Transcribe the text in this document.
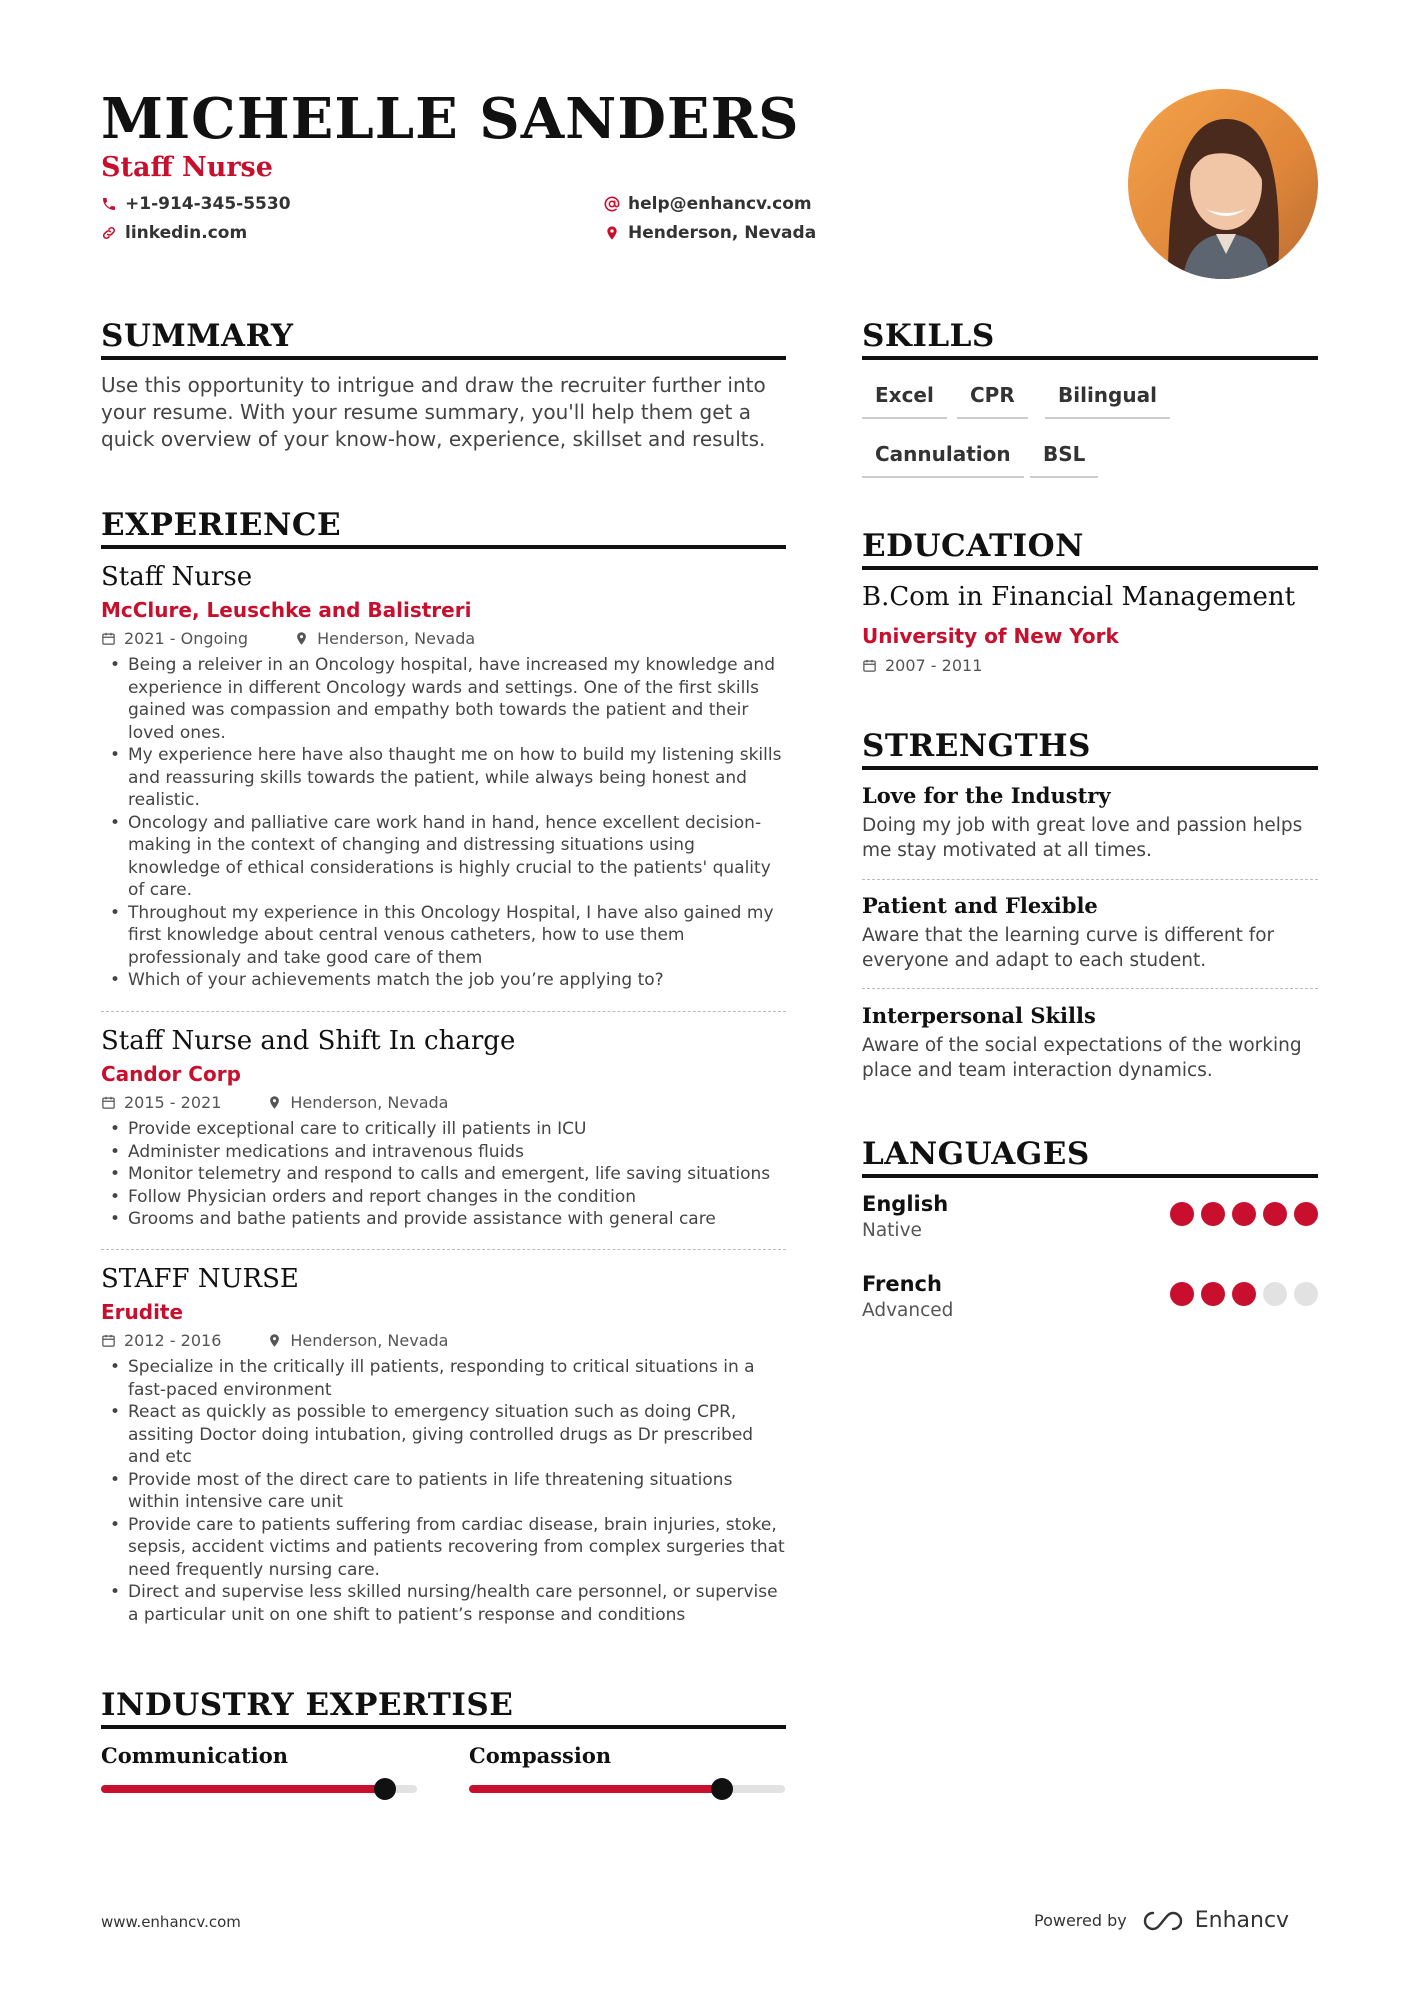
MICHELLE SANDERS
Staff Nurse
+1-914-345-5530
linkedin.com
help@enhancv.com
Henderson, Nevada
SUMMARY
Use this opportunity to intrigue and draw the recruiter further into your resume. With your resume summary, you'll help them get a quick overview of your know-how, experience, skillset and results.
EXPERIENCE
Staff Nurse
McClure, Leuschke and Balistreri
2021 - Ongoing	Henderson, Nevada
• Being a releiver in an Oncology hospital, have increased my knowledge and experience in different Oncology wards and settings. One of the first skills gained was compassion and empathy both towards the patient and their loved ones.
• My experience here have also thaught me on how to build my listening skills and reassuring skills towards the patient, while always being honest and realistic.
• Oncology and palliative care work hand in hand, hence excellent decision-making in the context of changing and distressing situations using knowledge of ethical considerations is highly crucial to the patients' quality of care.
• Throughout my experience in this Oncology Hospital, I have also gained my first knowledge about central venous catheters, how to use them professionaly and take good care of them
• Which of your achievements match the job you’re applying to?
Staff Nurse and Shift In charge
Candor Corp
2015 - 2021	Henderson, Nevada
• Provide exceptional care to critically ill patients in ICU
• Administer medications and intravenous fluids
• Monitor telemetry and respond to calls and emergent, life saving situations
• Follow Physician orders and report changes in the condition
• Grooms and bathe patients and provide assistance with general care
STAFF NURSE
Erudite
2012 - 2016	Henderson, Nevada
• Specialize in the critically ill patients, responding to critical situations in a fast-paced environment
• React as quickly as possible to emergency situation such as doing CPR, assiting Doctor doing intubation, giving controlled drugs as Dr prescribed and etc
• Provide most of the direct care to patients in life threatening situations within intensive care unit
• Provide care to patients suffering from cardiac disease, brain injuries, stoke, sepsis, accident victims and patients recovering from complex surgeries that need frequently nursing care.
• Direct and supervise less skilled nursing/health care personnel, or supervise a particular unit on one shift to patient’s response and conditions
INDUSTRY EXPERTISE
Communication	Compassion
SKILLS
Excel	CPR	Bilingual
Cannulation	BSL
EDUCATION
B.Com in Financial Management
University of New York
2007 - 2011
STRENGTHS
Love for the Industry
Doing my job with great love and passion helps me stay motivated at all times.
Patient and Flexible
Aware that the learning curve is different for everyone and adapt to each student.
Interpersonal Skills
Aware of the social expectations of the working place and team interaction dynamics.
LANGUAGES
English
Native
French
Advanced
www.enhancv.com	Powered by	Enhancv
